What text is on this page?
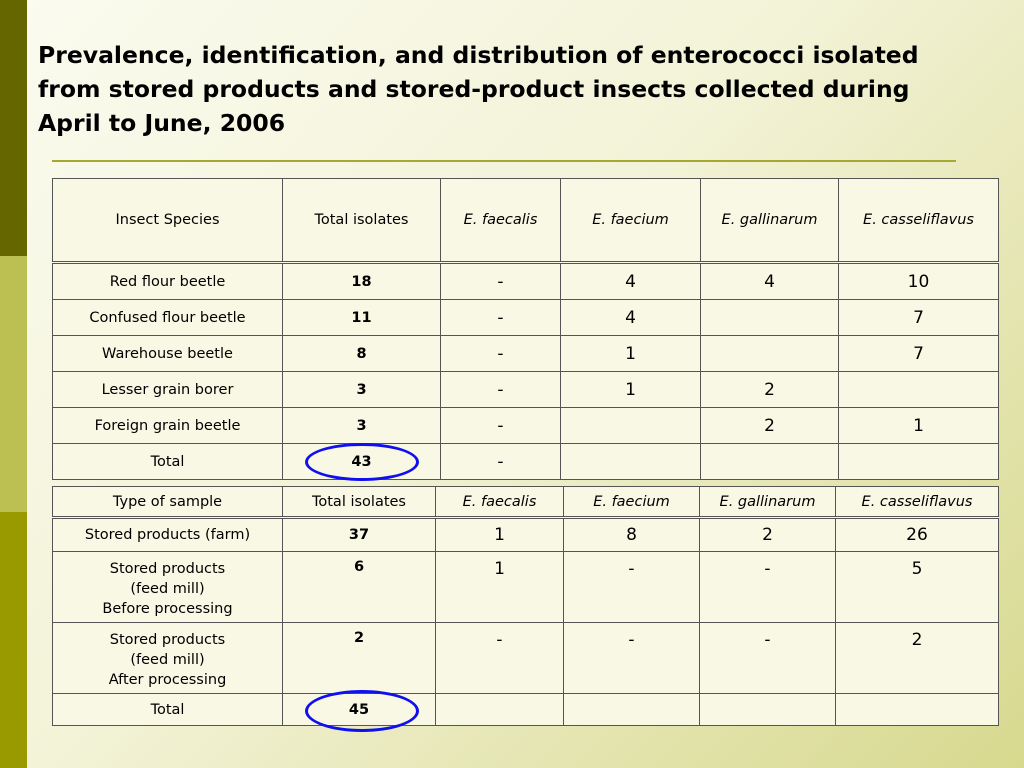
Prevalence, identification, and distribution of enterococci isolated
from stored products and stored-product insects collected during
April to June, 2006
Insect Species	Total isolates	E. faecalis	E. faecium	E. gallinarum	E. casseliflavus
Red flour beetle	18	-	4	4	10
Confused flour beetle	11	-	4		7
Warehouse beetle	8	-	1		7
Lesser grain borer	3	-	1	2	
Foreign grain beetle	3	-		2	1
Total	43	-			
Type of sample	Total isolates	E. faecalis	E. faecium	E. gallinarum	E. casseliflavus
Stored products (farm)	37	1	8	2	26
Stored products
(feed mill)
Before processing	6	1	-	-	5
Stored products
(feed mill)
After processing	2	-	-	-	2
Total	45				
